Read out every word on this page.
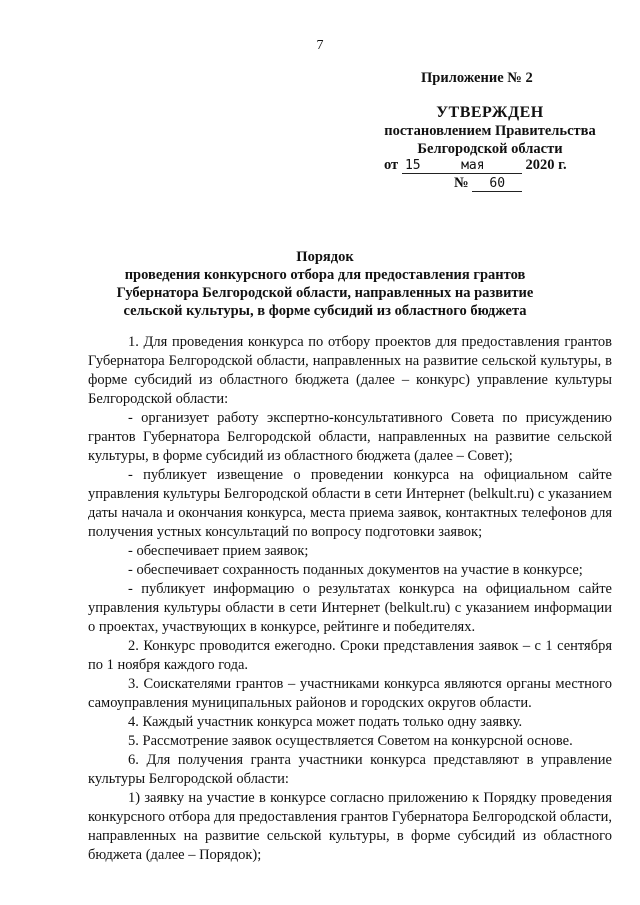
7
Приложение № 2
УТВЕРЖДЕН
постановлением Правительства
Белгородской области
от 15	мая	2020 г.
№ 60
Порядок
проведения конкурсного отбора для предоставления грантов
Губернатора Белгородской области, направленных на развитие
сельской культуры, в форме субсидий из областного бюджета

1. Для проведения конкурса по отбору проектов для предоставления грантов Губернатора Белгородской области, направленных на развитие сельской культуры, в форме субсидий из областного бюджета (далее – конкурс) управление культуры Белгородской области:

- организует работу экспертно-консультативного Совета по присуждению грантов Губернатора Белгородской области, направленных на развитие сельской культуры, в форме субсидий из областного бюджета (далее – Совет);

- публикует извещение о проведении конкурса на официальном сайте управления культуры Белгородской области в сети Интернет (belkult.ru) с указанием даты начала и окончания конкурса, места приема заявок, контактных телефонов для получения устных консультаций по вопросу подготовки заявок;

- обеспечивает прием заявок;

- обеспечивает сохранность поданных документов на участие в конкурсе;

- публикует информацию о результатах конкурса на официальном сайте управления культуры области в сети Интернет (belkult.ru) с указанием информации о проектах, участвующих в конкурсе, рейтинге и победителях.

2. Конкурс проводится ежегодно. Сроки представления заявок – с 1 сентября по 1 ноября каждого года.

3. Соискателями грантов – участниками конкурса являются органы местного самоуправления муниципальных районов и городских округов области.

4. Каждый участник конкурса может подать только одну заявку.

5. Рассмотрение заявок осуществляется Советом на конкурсной основе.

6. Для получения гранта участники конкурса представляют в управление культуры Белгородской области:

1) заявку на участие в конкурсе согласно приложению к Порядку проведения конкурсного отбора для предоставления грантов Губернатора Белгородской области, направленных на развитие сельской культуры, в форме субсидий из областного бюджета (далее – Порядок);
